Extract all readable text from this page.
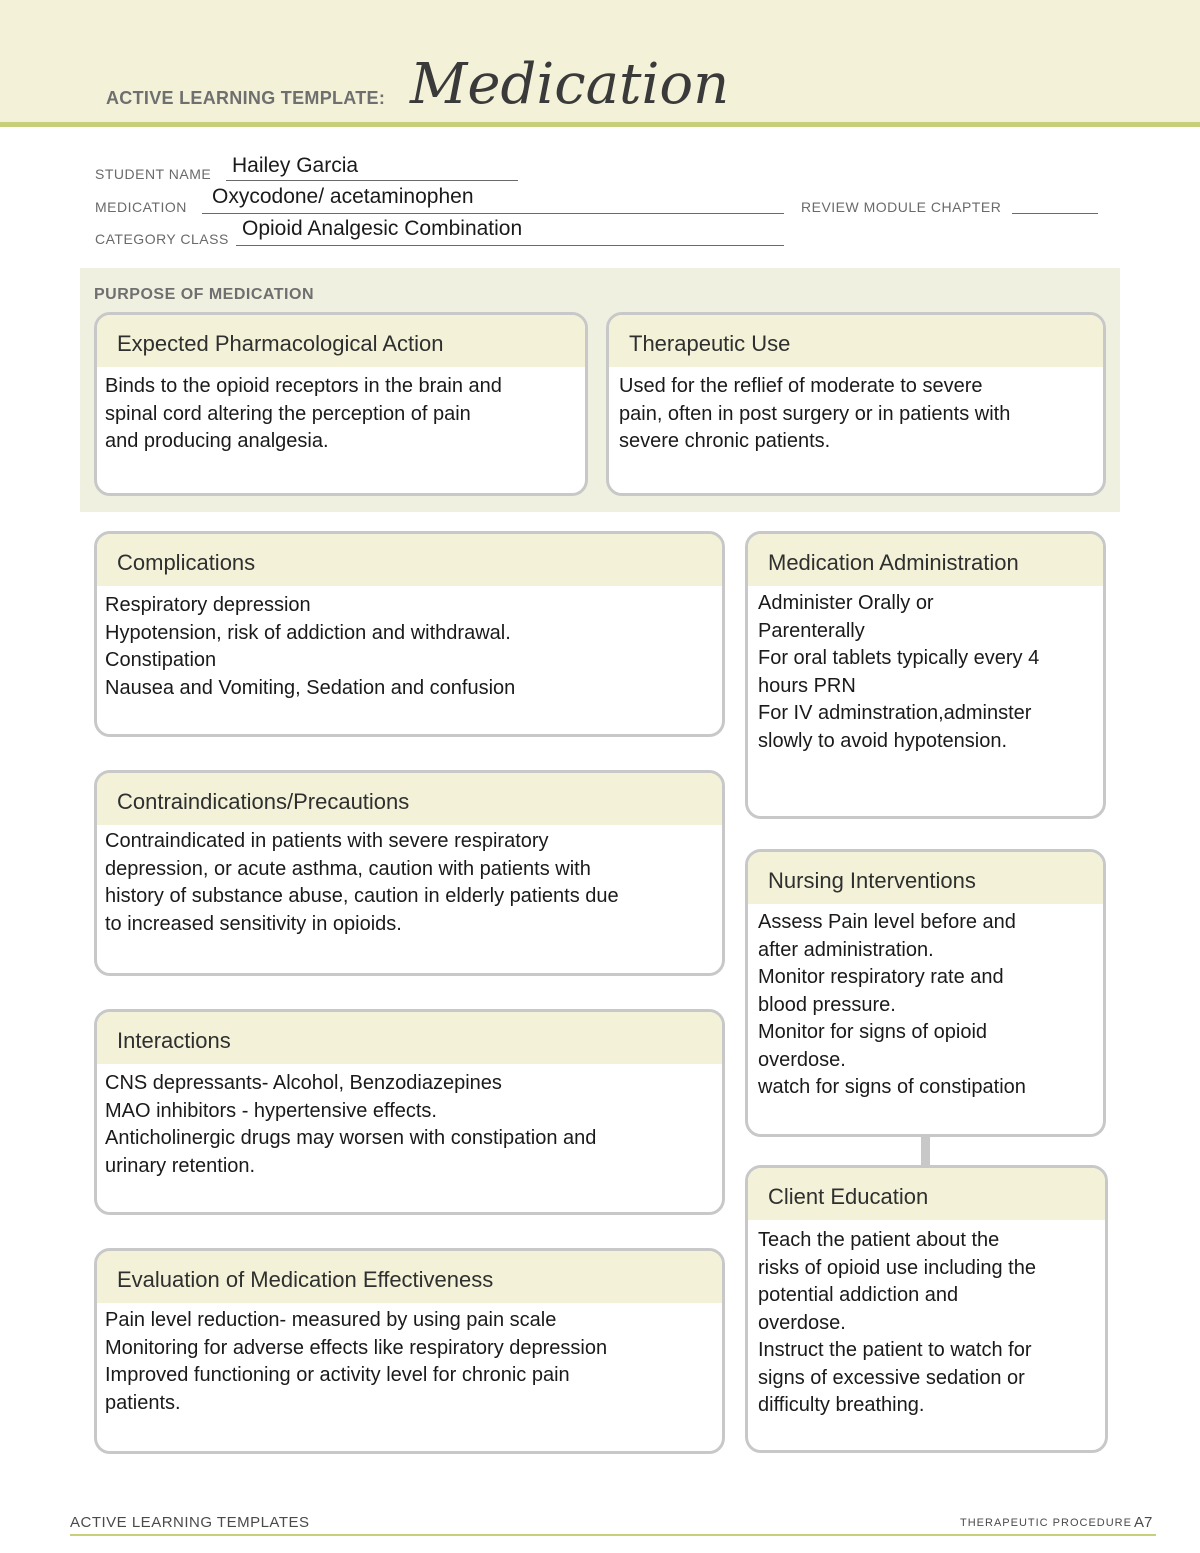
ACTIVE LEARNING TEMPLATE: Medication
STUDENT NAME Hailey Garcia
MEDICATION Oxycodone/ acetaminophen	REVIEW MODULE CHAPTER
CATEGORY CLASS Opioid Analgesic Combination
PURPOSE OF MEDICATION
Expected Pharmacological Action
Binds to the opioid receptors in the brain and
spinal cord altering the perception of pain
and producing analgesia.
Therapeutic Use
Used for the reflief of moderate to severe
pain, often in post surgery or in patients with
severe chronic patients.
Complications
Respiratory depression
Hypotension, risk of addiction and withdrawal.
Constipation
Nausea and Vomiting, Sedation and confusion
Contraindications/Precautions
Contraindicated in patients with severe respiratory
depression, or acute asthma, caution with patients with
history of substance abuse, caution in elderly patients due
to increased sensitivity in opioids.
Interactions
CNS depressants- Alcohol, Benzodiazepines
MAO inhibitors - hypertensive effects.
Anticholinergic drugs may worsen with constipation and
urinary retention.
Evaluation of Medication Effectiveness
Pain level reduction- measured by using pain scale
Monitoring for adverse effects like respiratory depression
Improved functioning or activity level for chronic pain
patients.
Medication Administration
Administer Orally or
Parenterally
For oral tablets typically every 4
hours PRN
For IV adminstration,adminster
slowly to avoid hypotension.
Nursing Interventions
Assess Pain level before and
after administration.
Monitor respiratory rate and
blood pressure.
Monitor for signs of opioid
overdose.
watch for signs of constipation
Client Education
Teach the patient about the
risks of opioid use including the
potential addiction and
overdose.
Instruct the patient to watch for
signs of excessive sedation or
difficulty breathing.
ACTIVE LEARNING TEMPLATES	THERAPEUTIC PROCEDURE A7
